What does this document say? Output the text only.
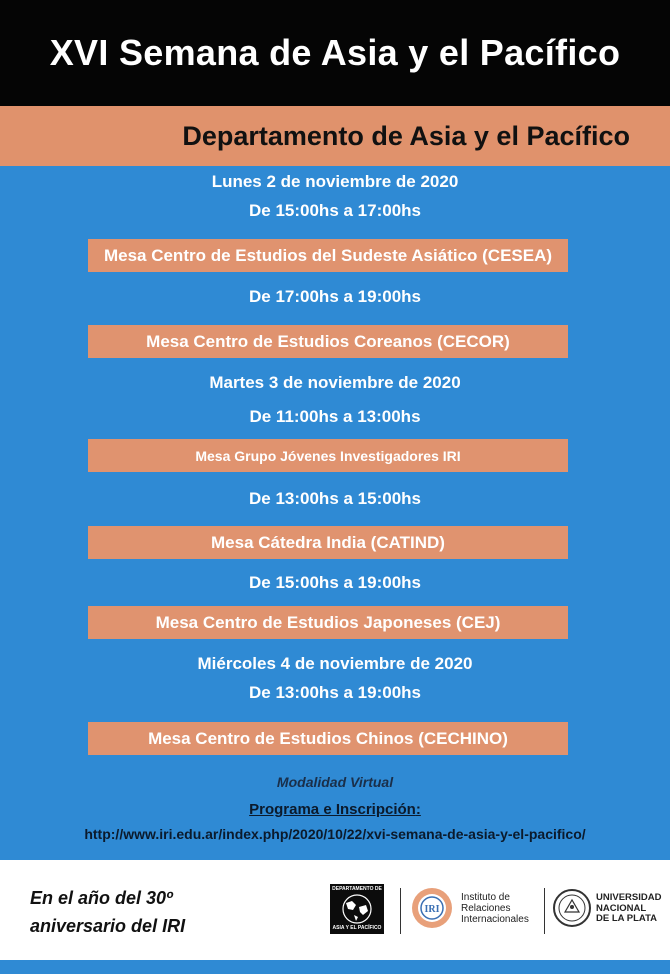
XVI Semana de Asia y el Pacífico
Departamento de Asia y el Pacífico
Lunes 2 de noviembre de 2020
De 15:00hs a 17:00hs
Mesa Centro de Estudios del Sudeste Asiático (CESEA)
De 17:00hs a 19:00hs
Mesa Centro de Estudios Coreanos (CECOR)
Martes 3 de noviembre de 2020
De 11:00hs a 13:00hs
Mesa Grupo Jóvenes Investigadores IRI
De 13:00hs a 15:00hs
Mesa Cátedra India (CATIND)
De 15:00hs a 19:00hs
Mesa Centro de Estudios Japoneses (CEJ)
Miércoles 4 de noviembre de 2020
De 13:00hs a 19:00hs
Mesa Centro de Estudios Chinos (CECHINO)
Modalidad Virtual
Programa e Inscripción:
http://www.iri.edu.ar/index.php/2020/10/22/xvi-semana-de-asia-y-el-pacifico/
En el año del 30º
aniversario del IRI
DEPARTAMENTO DE
ASIA Y EL PACÍFICO
IRI
Instituto de
Relaciones
Internacionales
UNIVERSIDAD
NACIONAL
DE LA PLATA
